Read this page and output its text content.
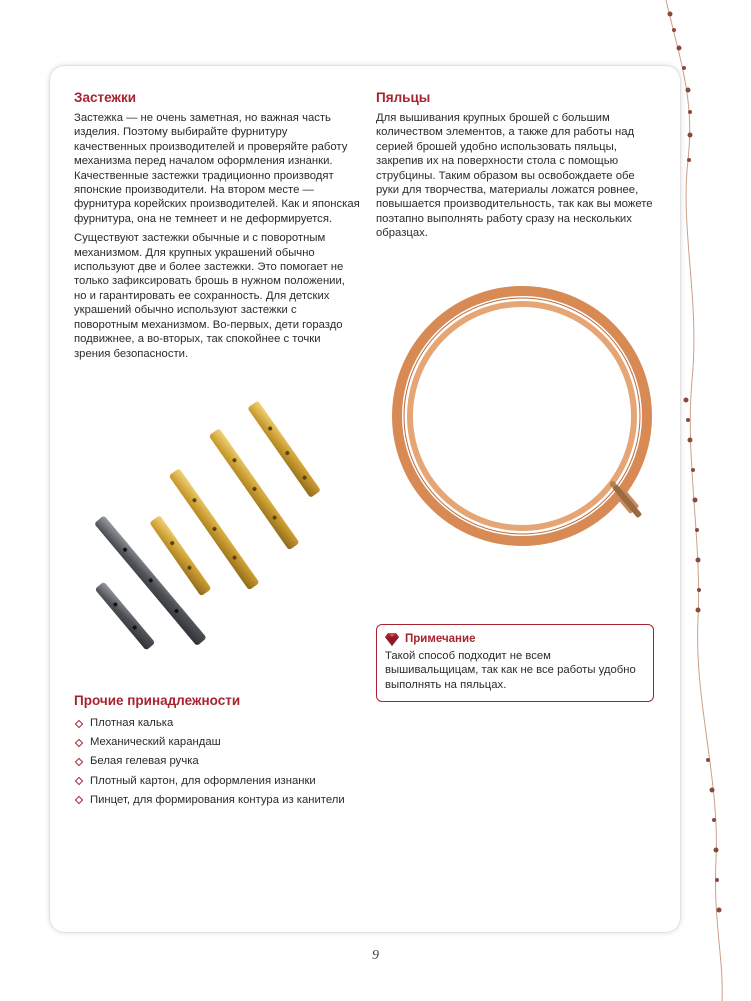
Застежки

Застежка — не очень заметная, но важная часть изделия. Поэтому выбирайте фурнитуру качественных производителей и проверяйте работу механизма перед началом оформления изнанки. Качественные застежки традиционно производят японские производители. На втором месте — фурнитура корейских производителей. Как и японская фурнитура, она не темнеет и не деформируется.

Существуют застежки обычные и с поворотным механизмом. Для крупных украшений обычно используют две и более застежки. Это помогает не только зафиксировать брошь в нужном положении, но и гарантировать ее сохранность. Для детских украшений обычно используют застежки с поворотным механизмом. Во-первых, дети гораздо подвижнее, а во-вторых, так спокойнее с точки зрения безопасности.

Пяльцы

Для вышивания крупных брошей с большим количеством элементов, а также для работы над серией брошей удобно использовать пяльцы, закрепив их на поверхности стола с помощью струбцины. Таким образом вы освобождаете обе руки для творчества, материалы ложатся ровнее, повышается производительность, так как вы можете поэтапно выполнять работу сразу на нескольких образцах.

Примечание
Такой способ подходит не всем вышивальщицам, так как не все работы удобно выполнять на пяльцах.
Прочие принадлежности
Плотная калька
Механический карандаш
Белая гелевая ручка
Плотный картон, для оформления изнанки
Пинцет, для формирования контура из канители
9
